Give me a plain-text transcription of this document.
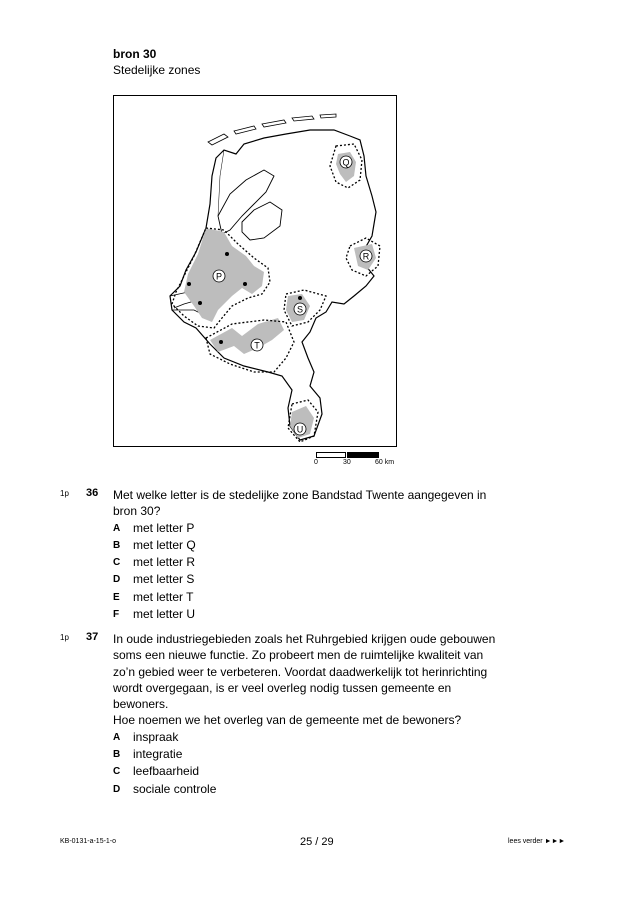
bron 30
Stedelijke zones
P
Q
R
S
T
U
0	30	60 km
1p 36 Met welke letter is de stedelijke zone Bandstad Twente aangegeven in
bron 30?
A	met letter P
B	met letter Q
C	met letter R
D	met letter S
E	met letter T
F	met letter U
1p 37 In oude industriegebieden zoals het Ruhrgebied krijgen oude gebouwen
soms een nieuwe functie. Zo probeert men de ruimtelijke kwaliteit van
zo’n gebied weer te verbeteren. Voordat daadwerkelijk tot herinrichting
wordt overgegaan, is er veel overleg nodig tussen gemeente en
bewoners.
Hoe noemen we het overleg van de gemeente met de bewoners?
A	inspraak
B	integratie
C	leefbaarheid
D	sociale controle
KB-0131-a-15-1-o	25 / 29	lees verder ►►►
